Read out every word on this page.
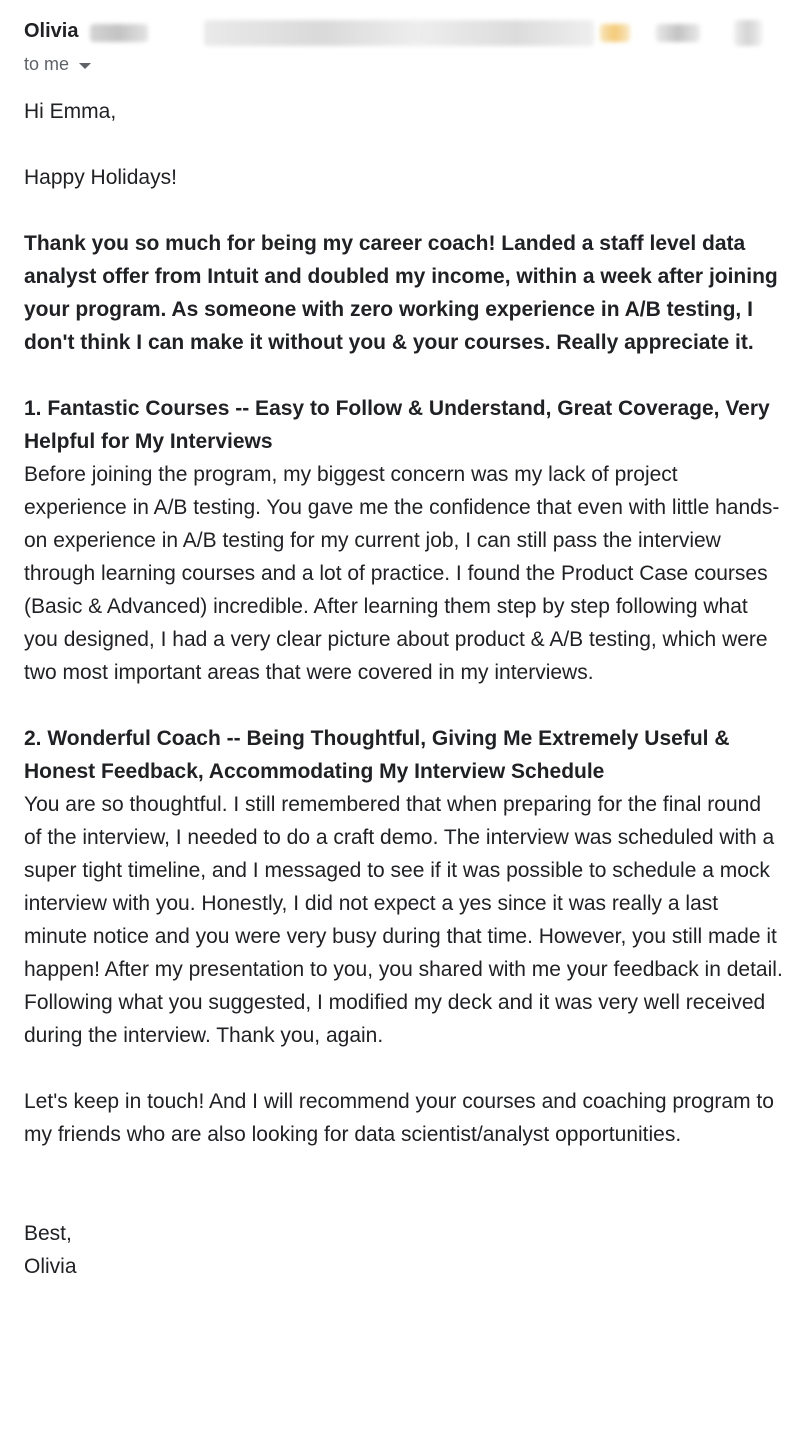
Olivia
to me

Hi Emma,

Happy Holidays!

Thank you so much for being my career coach! Landed a staff level data analyst offer from Intuit and doubled my income, within a week after joining your program. As someone with zero working experience in A/B testing, I don't think I can make it without you & your courses. Really appreciate it.

1. Fantastic Courses -- Easy to Follow & Understand, Great Coverage, Very Helpful for My Interviews
Before joining the program, my biggest concern was my lack of project experience in A/B testing. You gave me the confidence that even with little hands-on experience in A/B testing for my current job, I can still pass the interview through learning courses and a lot of practice. I found the Product Case courses (Basic & Advanced) incredible. After learning them step by step following what you designed, I had a very clear picture about product & A/B testing, which were two most important areas that were covered in my interviews.

2. Wonderful Coach -- Being Thoughtful, Giving Me Extremely Useful & Honest Feedback, Accommodating My Interview Schedule
You are so thoughtful. I still remembered that when preparing for the final round of the interview, I needed to do a craft demo. The interview was scheduled with a super tight timeline, and I messaged to see if it was possible to schedule a mock interview with you. Honestly, I did not expect a yes since it was really a last minute notice and you were very busy during that time. However, you still made it happen! After my presentation to you, you shared with me your feedback in detail. Following what you suggested, I modified my deck and it was very well received during the interview. Thank you, again.

Let's keep in touch! And I will recommend your courses and coaching program to my friends who are also looking for data scientist/analyst opportunities.

Best,

Olivia
